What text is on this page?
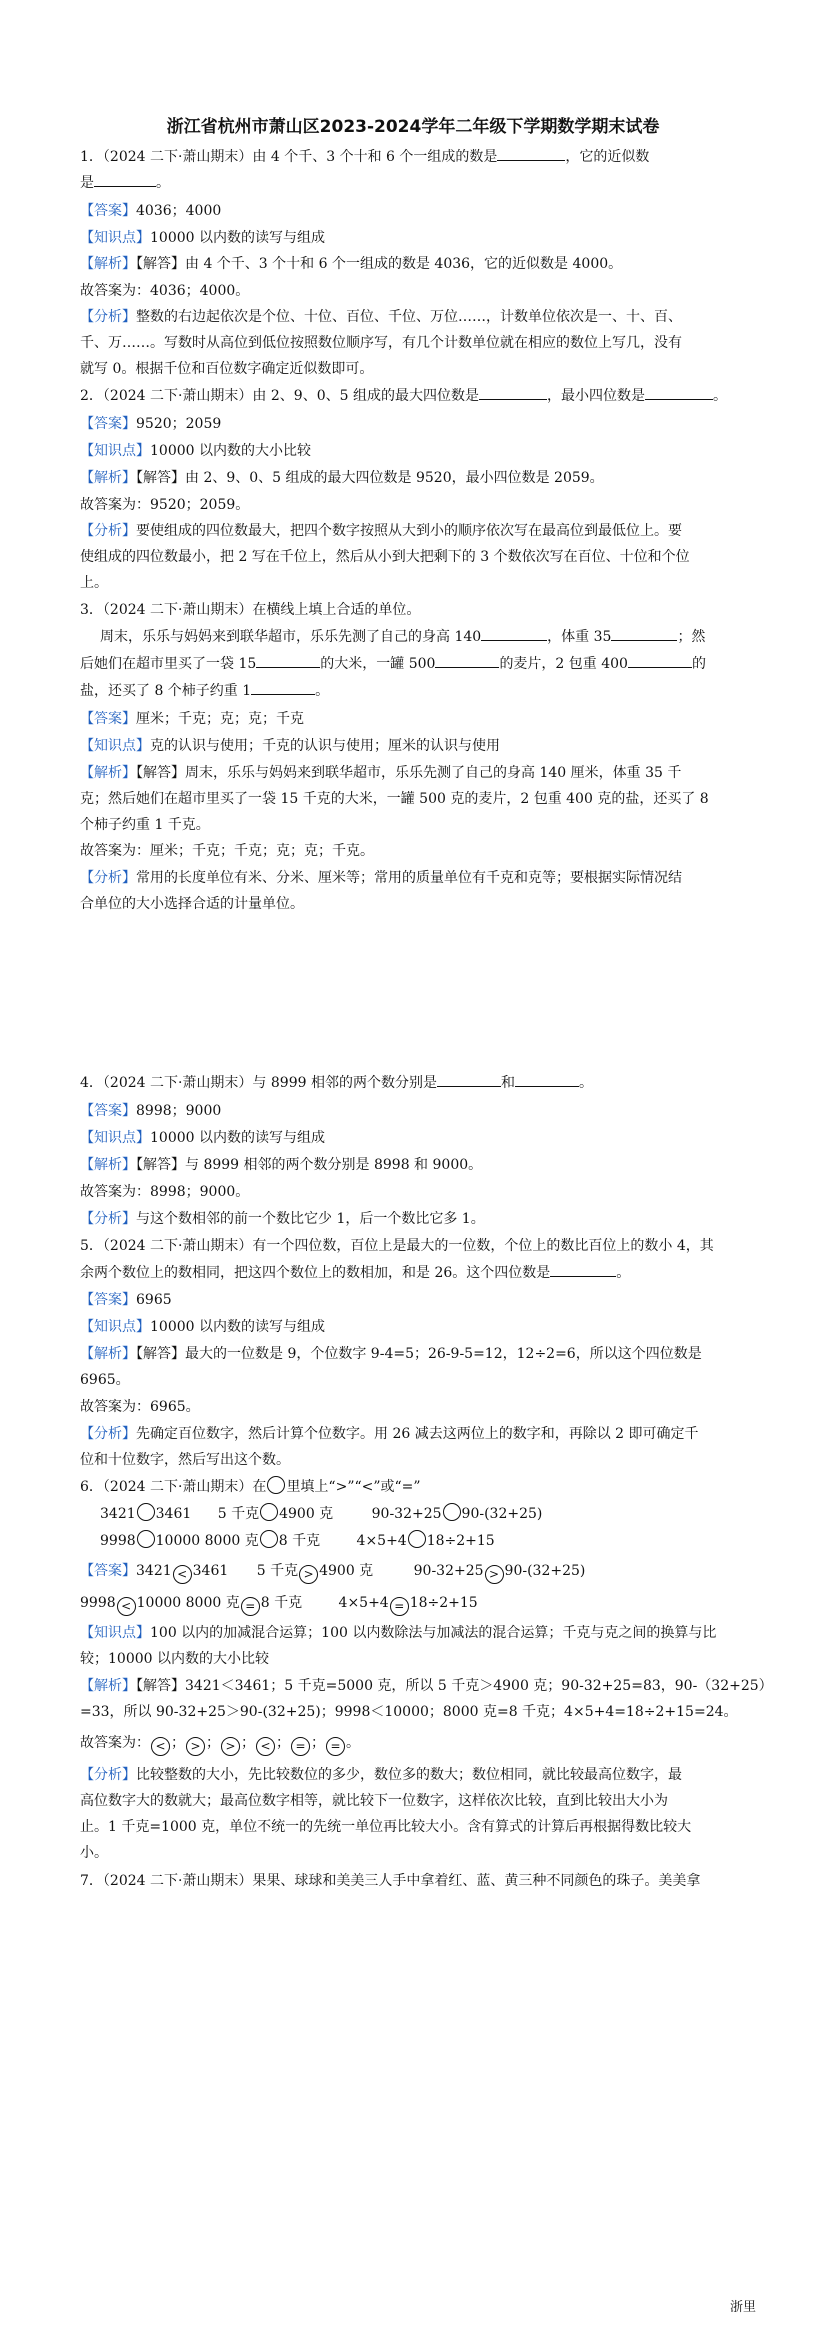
浙江省杭州市萧山区2023-2024学年二年级下学期数学期末试卷
1．（2024 二下·萧山期末）由 4 个千、3 个十和 6 个一组成的数是	，它的近似数
是	。
【答案】4036；4000
【知识点】10000 以内数的读写与组成
【解析】【解答】由 4 个千、3 个十和 6 个一组成的数是 4036，它的近似数是 4000。
故答案为：4036；4000。
【分析】整数的右边起依次是个位、十位、百位、千位、万位……，计数单位依次是一、十、百、
千、万……。写数时从高位到低位按照数位顺序写，有几个计数单位就在相应的数位上写几，没有
就写 0。根据千位和百位数字确定近似数即可。
2．（2024 二下·萧山期末）由 2、9、0、5 组成的最大四位数是	，最小四位数是	。
【答案】9520；2059
【知识点】10000 以内数的大小比较
【解析】【解答】由 2、9、0、5 组成的最大四位数是 9520，最小四位数是 2059。
故答案为：9520；2059。
【分析】要使组成的四位数最大，把四个数字按照从大到小的顺序依次写在最高位到最低位上。要
使组成的四位数最小，把 2 写在千位上，然后从小到大把剩下的 3 个数依次写在百位、十位和个位
上。
3．（2024 二下·萧山期末）在横线上填上合适的单位。
周末，乐乐与妈妈来到联华超市，乐乐先测了自己的身高 140	，体重 35	；然
后她们在超市里买了一袋 15	的大米，一罐 500	的麦片，2 包重 400	的
盐，还买了 8 个柿子约重 1	。
【答案】厘米；千克；克；克；千克
【知识点】克的认识与使用；千克的认识与使用；厘米的认识与使用
【解析】【解答】周末，乐乐与妈妈来到联华超市，乐乐先测了自己的身高 140 厘米，体重 35 千
克；然后她们在超市里买了一袋 15 千克的大米，一罐 500 克的麦片，2 包重 400 克的盐，还买了 8
个柿子约重 1 千克。
故答案为：厘米；千克；千克；克；克；千克。
【分析】常用的长度单位有米、分米、厘米等；常用的质量单位有千克和克等；要根据实际情况结
合单位的大小选择合适的计量单位。
4．（2024 二下·萧山期末）与 8999 相邻的两个数分别是	和	。
【答案】8998；9000
【知识点】10000 以内数的读写与组成
【解析】【解答】与 8999 相邻的两个数分别是 8998 和 9000。
故答案为：8998；9000。
【分析】与这个数相邻的前一个数比它少 1，后一个数比它多 1。
5．（2024 二下·萧山期末）有一个四位数，百位上是最大的一位数，个位上的数比百位上的数小 4，其
余两个数位上的数相同，把这四个数位上的数相加，和是 26。这个四位数是	。
【答案】6965
【知识点】10000 以内数的读写与组成
【解析】【解答】最大的一位数是 9，个位数字 9-4=5；26-9-5=12，12÷2=6，所以这个四位数是
6965。
故答案为：6965。
【分析】先确定百位数字，然后计算个位数字。用 26 减去这两位上的数字和，再除以 2 即可确定千
位和十位数字，然后写出这个数。
6．（2024 二下·萧山期末）在 里填上“>”“<”或“=”
3421 3461 5 千克 4900 克	90-32+25 90-(32+25)
9998 10000 8000 克 8 千克	4×5+4 18÷2+15
【答案】3421 < 3461 5 千克 > 4900 克	90-32+25 > 90-(32+25)
9998 < 10000 8000 克 = 8 千克	4×5+4 = 18÷2+15
【知识点】100 以内的加减混合运算；100 以内数除法与加减法的混合运算；千克与克之间的换算与比
较；10000 以内数的大小比较
【解析】【解答】3421＜3461；5 千克=5000 克，所以 5 千克＞4900 克；90-32+25=83，90-（32+25）
=33，所以 90-32+25＞90-(32+25)；9998＜10000；8000 克=8 千克；4×5+4=18÷2+15=24。
故答案为： < ； > ； > ； < ； = ； = 。
【分析】比较整数的大小，先比较数位的多少，数位多的数大；数位相同，就比较最高位数字，最
高位数字大的数就大；最高位数字相等，就比较下一位数字，这样依次比较，直到比较出大小为
止。1 千克=1000 克，单位不统一的先统一单位再比较大小。含有算式的计算后再根据得数比较大
小。
7．（2024 二下·萧山期末）果果、球球和美美三人手中拿着红、蓝、黄三种不同颜色的珠子。美美拿
浙里
